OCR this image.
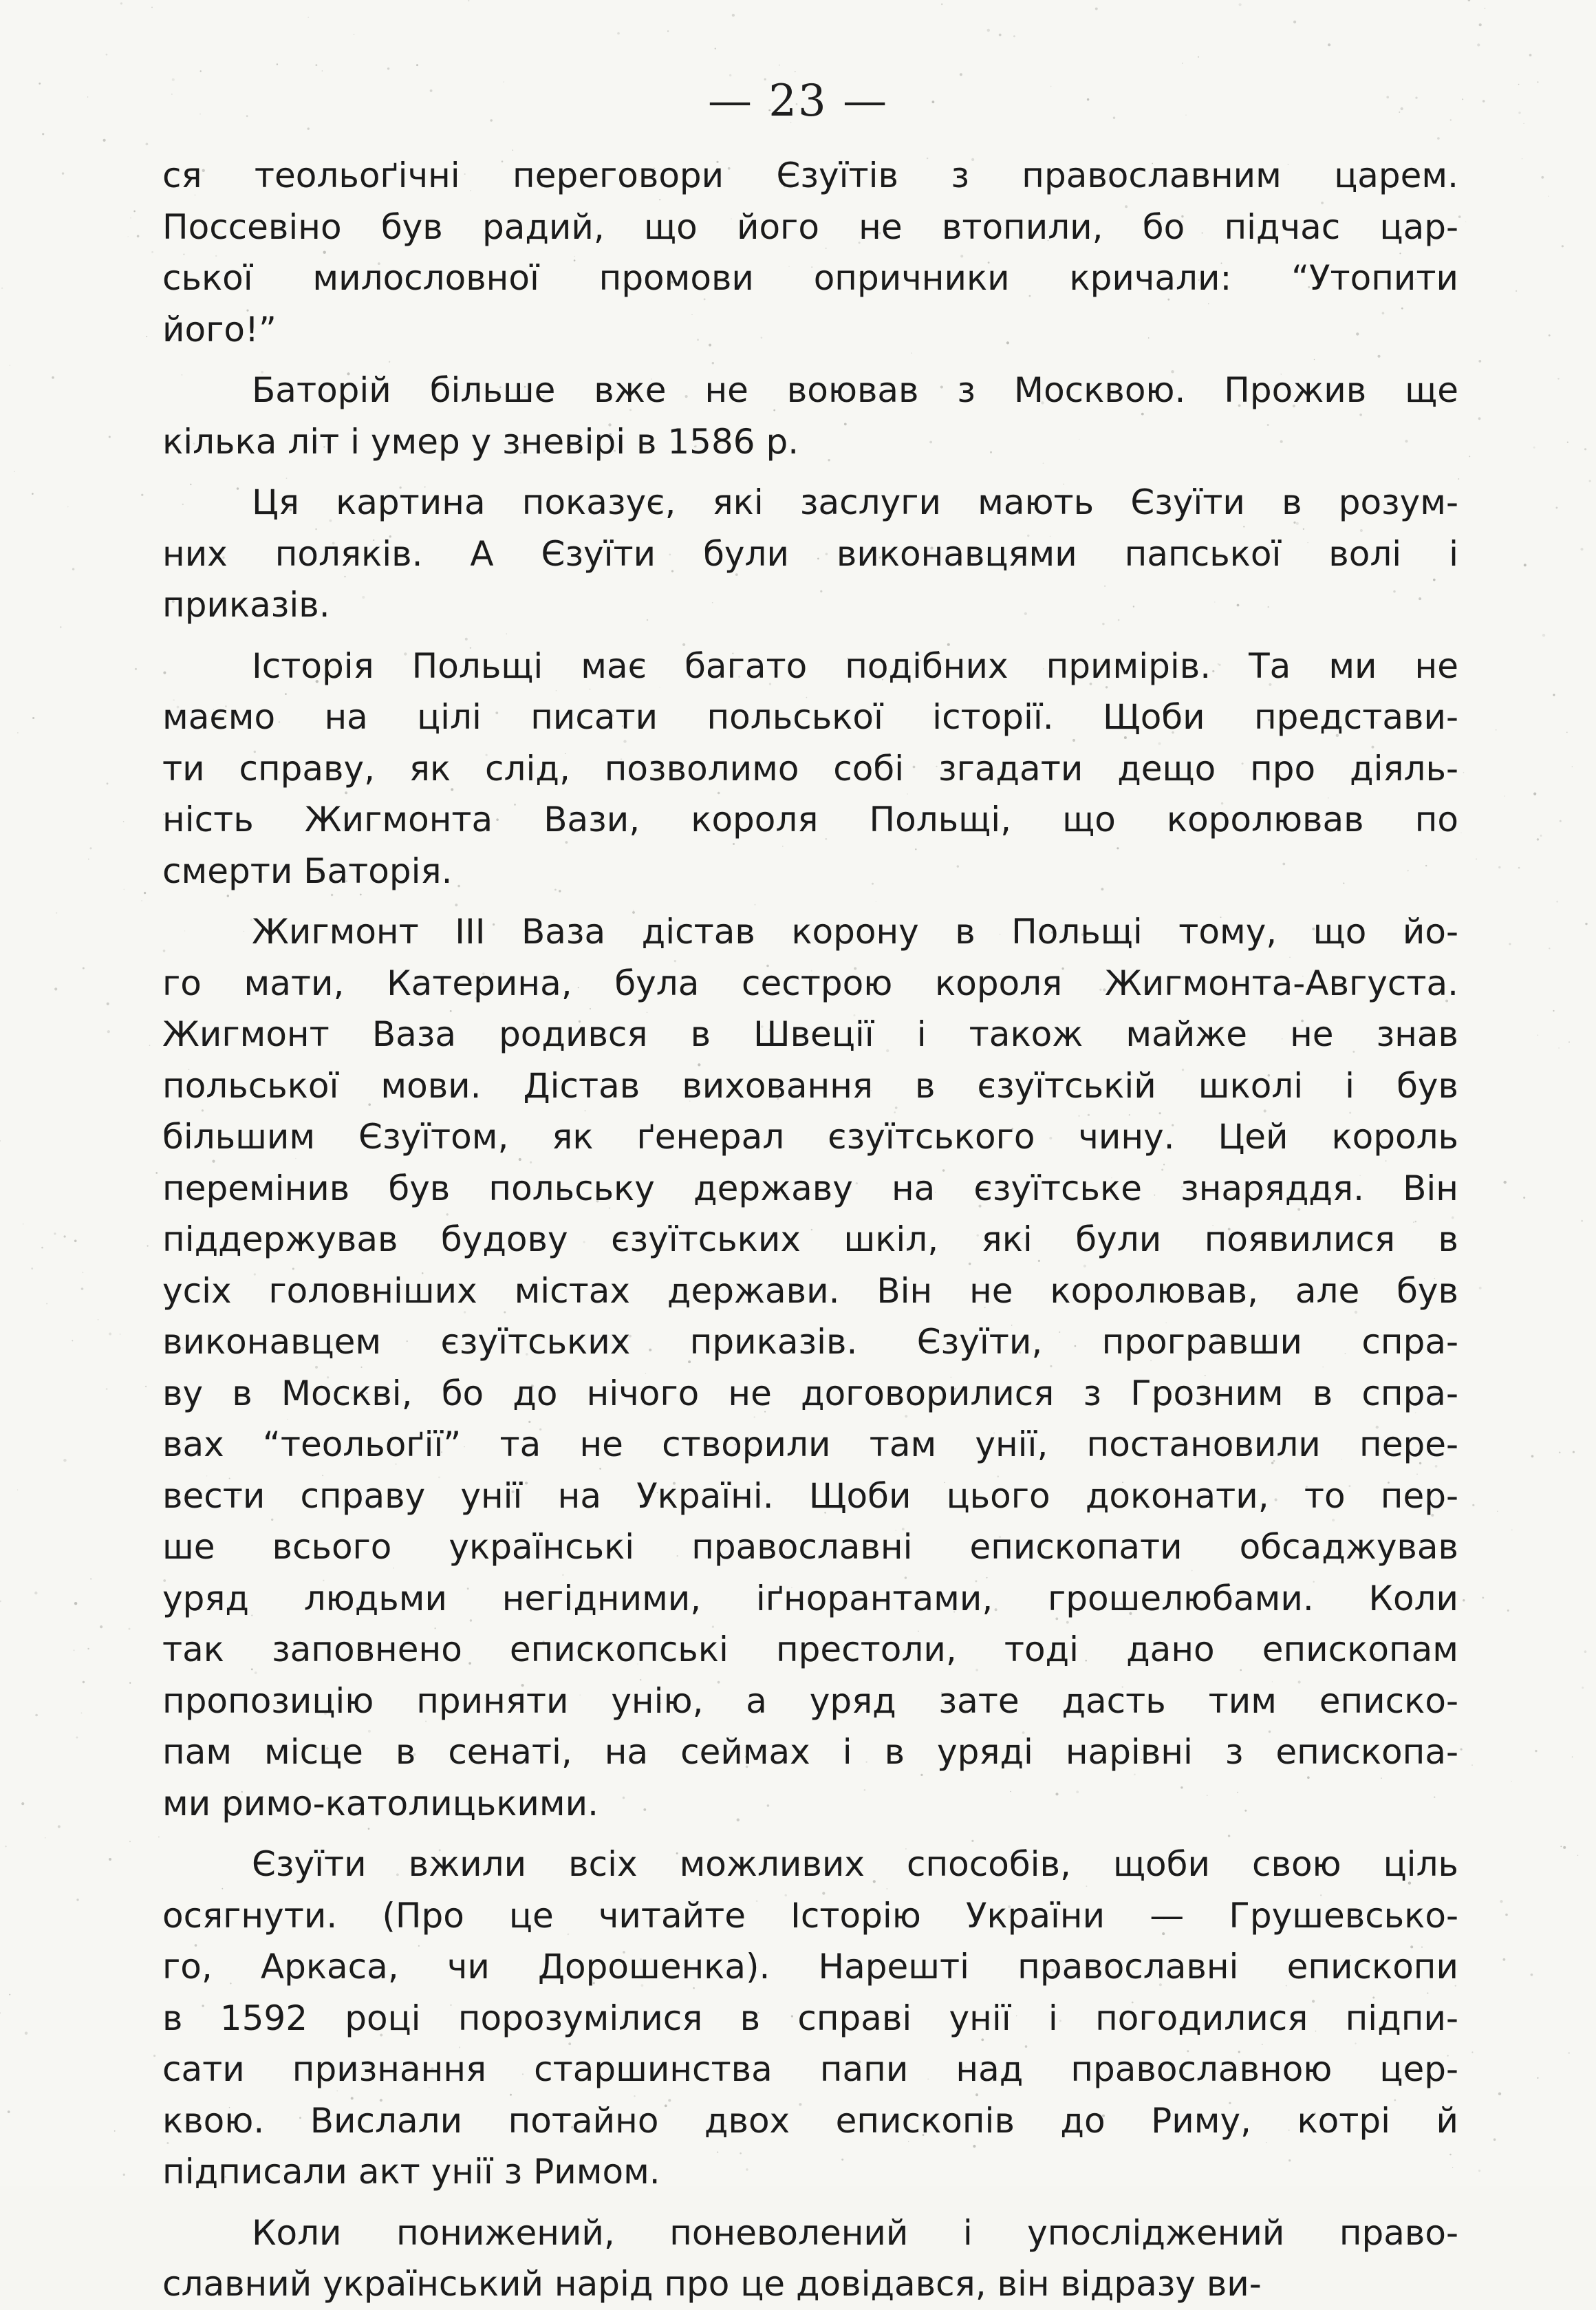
— 23 —
ся теольоґічні переговори Єзуїтів з православним царем.
Поссевіно був радий, що його не втопили, бо підчас цар-
ської милословної промови опричники кричали: “Утопити
його!”
Баторій більше вже не воював з Москвою. Прожив ще
кілька літ і умер у зневірі в 1586 р.
Ця картина показує, які заслуги мають Єзуїти в розум-
них поляків. А Єзуїти були виконавцями папської волі і
приказів.
Історія Польщі має багато подібних примірів. Та ми не
маємо на цілі писати польської історії. Щоби представи-
ти справу, як слід, позволимо собі згадати дещо про діяль-
ність Жигмонта Вази, короля Польщі, що королював по
смерти Баторія.
Жигмонт III Ваза дістав корону в Польщі тому, що йо-
го мати, Катерина, була сестрою короля Жигмонта-Августа.
Жигмонт Ваза родився в Швеції і також майже не знав
польської мови. Дістав виховання в єзуїтській школі і був
більшим Єзуїтом, як ґенерал єзуїтського чину. Цей король
перемінив був польську державу на єзуїтське знаряддя. Він
піддержував будову єзуїтських шкіл, які були появилися в
усіх головніших містах держави. Він не королював, але був
виконавцем єзуїтських приказів. Єзуїти, програвши спра-
ву в Москві, бо до нічого не договорилися з Грозним в спра-
вах “теольоґії” та не створили там унії, постановили пере-
вести справу унії на Україні. Щоби цього доконати, то пер-
ше всього українські православні епископати обсаджував
уряд людьми негідними, іґнорантами, грошелюбами. Коли
так заповнено епископські престоли, тоді дано епископам
пропозицію приняти унію, а уряд зате дасть тим еписко-
пам місце в сенаті, на сеймах і в уряді нарівні з епископа-
ми римо-католицькими.
Єзуїти вжили всіх можливих способів, щоби свою ціль
осягнути. (Про це читайте Історію України — Грушевсько-
го, Аркаса, чи Дорошенка). Нарешті православні епископи
в 1592 році порозумілися в справі унії і погодилися підпи-
сати признання старшинства папи над православною цер-
квою. Вислали потайно двох епископів до Риму, котрі й
підписали акт унії з Римом.
Коли понижений, поневолений і упосліджений право-
славний український нарід про це довідався, він відразу ви-
